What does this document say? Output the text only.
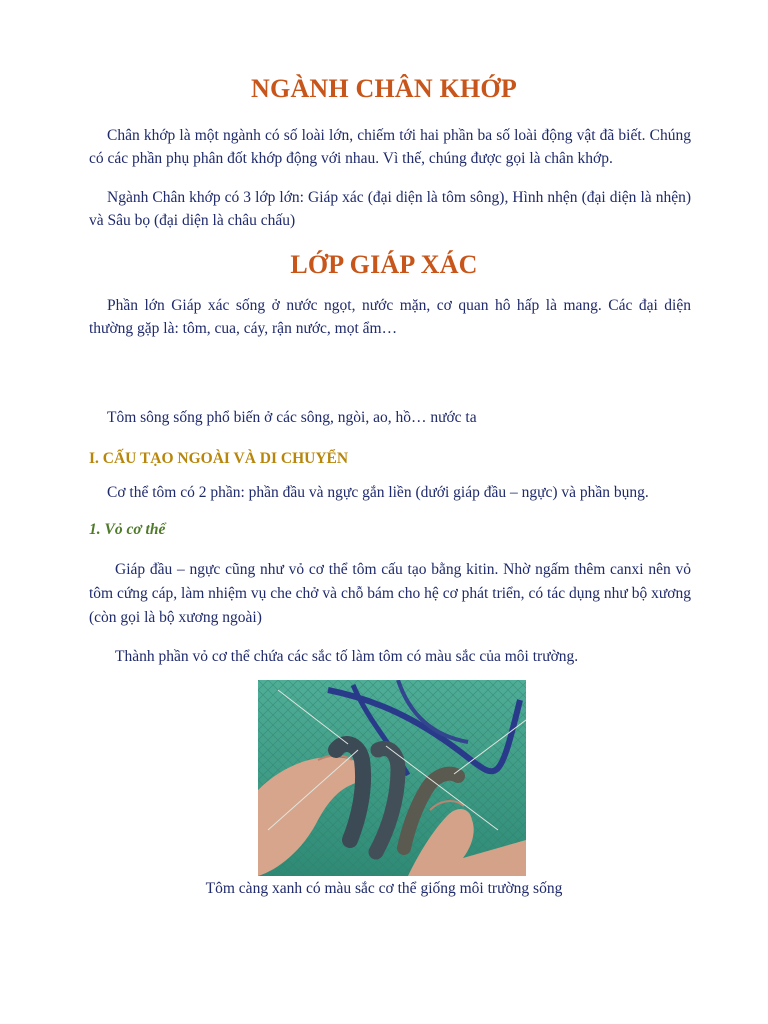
NGÀNH CHÂN KHỚP

Chân khớp là một ngành có số loài lớn, chiếm tới hai phần ba số loài động vật đã biết. Chúng có các phần phụ phân đốt khớp động với nhau. Vì thế, chúng được gọi là chân khớp.

Ngành Chân khớp có 3 lớp lớn: Giáp xác (đại diện là tôm sông), Hình nhện (đại diện là nhện) và Sâu bọ (đại diện là châu chấu)

LỚP GIÁP XÁC

Phần lớn Giáp xác sống ở nước ngọt, nước mặn, cơ quan hô hấp là mang. Các đại diện thường gặp là: tôm, cua, cáy, rận nước, mọt ẩm…

Tôm sông sống phổ biến ở các sông, ngòi, ao, hồ… nước ta

I. CẤU TẠO NGOÀI VÀ DI CHUYỂN

Cơ thể tôm có 2 phần: phần đầu và ngực gắn liền (dưới giáp đầu – ngực) và phần bụng.

1. Vỏ cơ thể

Giáp đầu – ngực cũng như vỏ cơ thể tôm cấu tạo bằng kitin. Nhờ ngấm thêm canxi nên vỏ tôm cứng cáp, làm nhiệm vụ che chở và chỗ bám cho hệ cơ phát triển, có tác dụng như bộ xương (còn gọi là bộ xương ngoài)

Thành phần vỏ cơ thể chứa các sắc tố làm tôm có màu sắc của môi trường.

Tôm càng xanh có màu sắc cơ thể giống môi trường sống
